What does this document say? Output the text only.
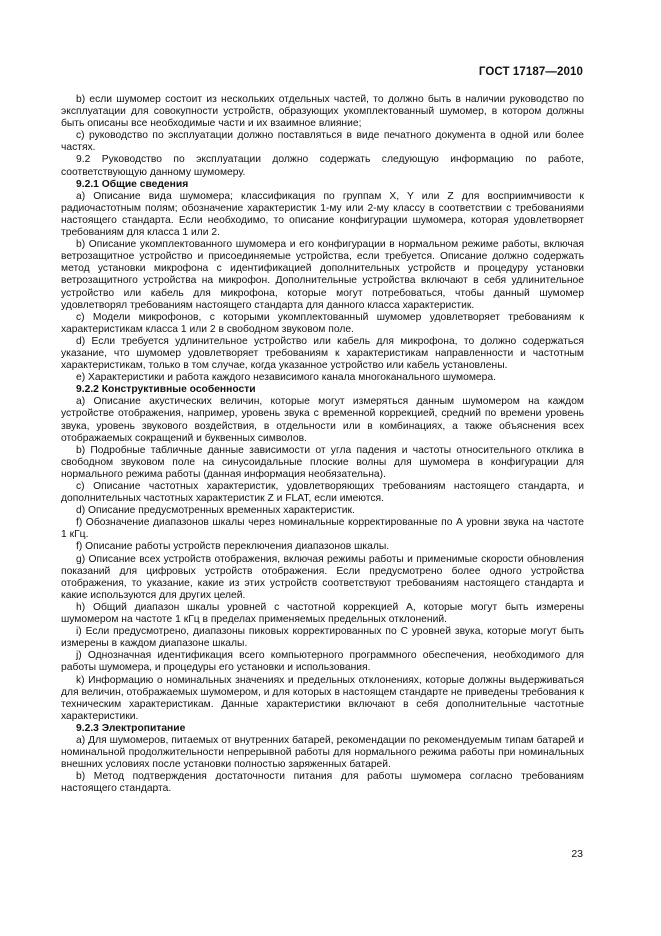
ГОСТ 17187—2010

b) если шумомер состоит из нескольких отдельных частей, то должно быть в наличии руководство по эксплуатации для совокупности устройств, образующих укомплектованный шумомер, в котором должны быть описаны все необходимые части и их взаимное влияние;

c) руководство по эксплуатации должно поставляться в виде печатного документа в одной или более частях.

9.2 Руководство по эксплуатации должно содержать следующую информацию по работе, соответствующую данному шумомеру.

9.2.1 Общие сведения

a) Описание вида шумомера; классификация по группам X, Y или Z для восприимчивости к радиочастотным полям; обозначение характеристик 1-му или 2-му классу в соответствии с требованиями настоящего стандарта. Если необходимо, то описание конфигурации шумомера, которая удовлетворяет требованиям для класса 1 или 2.

b) Описание укомплектованного шумомера и его конфигурации в нормальном режиме работы, включая ветрозащитное устройство и присоединяемые устройства, если требуется. Описание должно содержать метод установки микрофона с идентификацией дополнительных устройств и процедуру установки ветрозащитного устройства на микрофон. Дополнительные устройства включают в себя удлинительное устройство или кабель для микрофона, которые могут потребоваться, чтобы данный шумомер удовлетворял требованиям настоящего стандарта для данного класса характеристик.

c) Модели микрофонов, с которыми укомплектованный шумомер удовлетворяет требованиям к характеристикам класса 1 или 2 в свободном звуковом поле.

d) Если требуется удлинительное устройство или кабель для микрофона, то должно содержаться указание, что шумомер удовлетворяет требованиям к характеристикам направленности и частотным характеристикам, только в том случае, когда указанное устройство или кабель установлены.

e) Характеристики и работа каждого независимого канала многоканального шумомера.

9.2.2 Конструктивные особенности

a) Описание акустических величин, которые могут измеряться данным шумомером на каждом устройстве отображения, например, уровень звука с временной коррекцией, средний по времени уровень звука, уровень звукового воздействия, в отдельности или в комбинациях, а также объяснения всех отображаемых сокращений и буквенных символов.

b) Подробные табличные данные зависимости от угла падения и частоты относительного отклика в свободном звуковом поле на синусоидальные плоские волны для шумомера в конфигурации для нормального режима работы (данная информация необязательна).

c) Описание частотных характеристик, удовлетворяющих требованиям настоящего стандарта, и дополнительных частотных характеристик Z и FLAT, если имеются.

d) Описание предусмотренных временных характеристик.

f) Обозначение диапазонов шкалы через номинальные корректированные по А уровни звука на частоте 1 кГц.

f) Описание работы устройств переключения диапазонов шкалы.

g) Описание всех устройств отображения, включая режимы работы и применимые скорости обновления показаний для цифровых устройств отображения. Если предусмотрено более одного устройства отображения, то указание, какие из этих устройств соответствуют требованиям настоящего стандарта и какие используются для других целей.

h) Общий диапазон шкалы уровней с частотной коррекцией А, которые могут быть измерены шумомером на частоте 1 кГц в пределах применяемых предельных отклонений.

i) Если предусмотрено, диапазоны пиковых корректированных по С уровней звука, которые могут быть измерены в каждом диапазоне шкалы.

j) Однозначная идентификация всего компьютерного программного обеспечения, необходимого для работы шумомера, и процедуры его установки и использования.

k) Информацию о номинальных значениях и предельных отклонениях, которые должны выдерживаться для величин, отображаемых шумомером, и для которых в настоящем стандарте не приведены требования к техническим характеристикам. Данные характеристики включают в себя дополнительные частотные характеристики.

9.2.3 Электропитание

a) Для шумомеров, питаемых от внутренних батарей, рекомендации по рекомендуемым типам батарей и номинальной продолжительности непрерывной работы для нормального режима работы при номинальных внешних условиях после установки полностью заряженных батарей.

b) Метод подтверждения достаточности питания для работы шумомера согласно требованиям настоящего стандарта.

23
